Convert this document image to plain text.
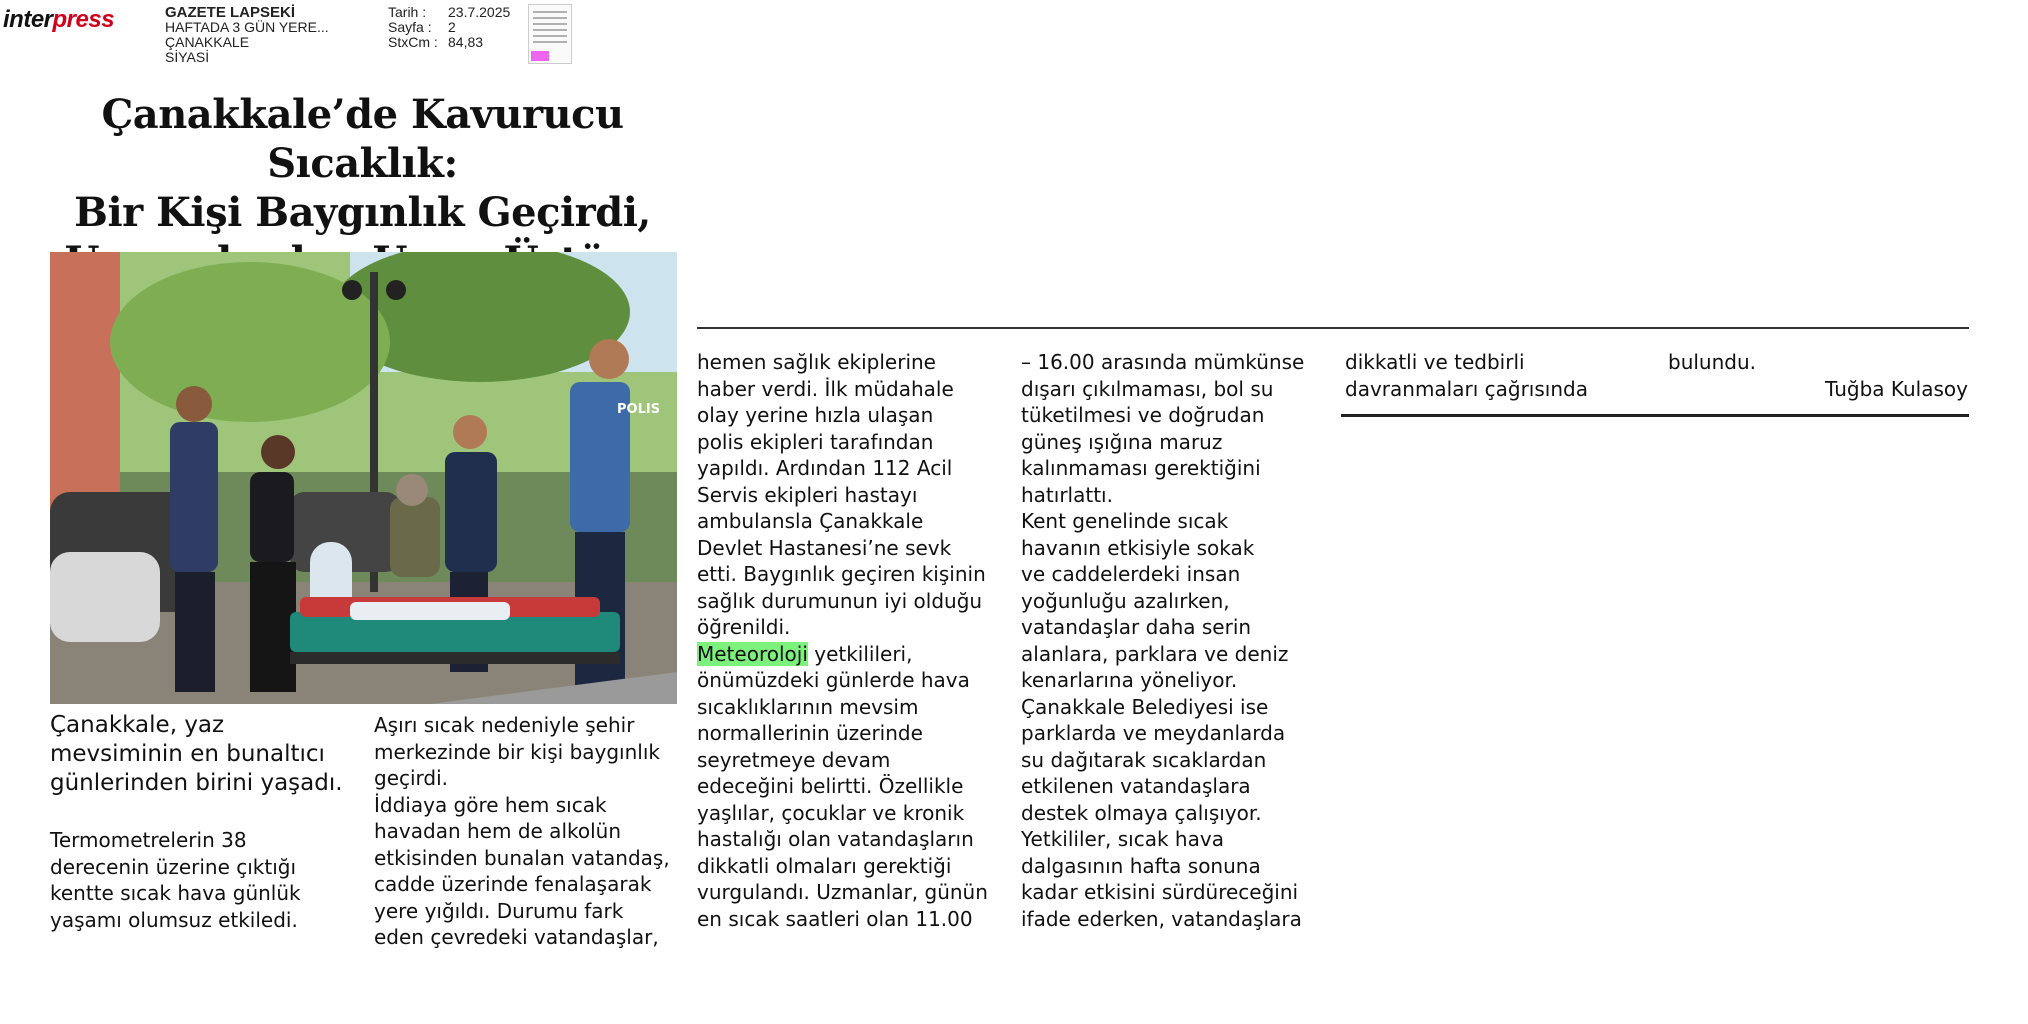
interpress	GAZETE LAPSEKİ
HAFTADA 3 GÜN YERE...
ÇANAKKALE
SİYASİ
Tarih :
Sayfa :
StxCm :
23.7.2025
2
84,83
Çanakkale’de Kavurucu Sıcaklık:
Bir Kişi Baygınlık Geçirdi,
POLIS

Çanakkale, yaz

mevsiminin en bunaltıcı

günlerinden birini yaşadı.

Termometrelerin 38

derecenin üzerine çıktığı

kentte sıcak hava günlük

yaşamı olumsuz etkiledi.

Aşırı sıcak nedeniyle şehir

merkezinde bir kişi baygınlık

geçirdi.

İddiaya göre hem sıcak

havadan hem de alkolün

etkisinden bunalan vatandaş,

cadde üzerinde fenalaşarak

yere yığıldı. Durumu fark

eden çevredeki vatandaşlar,

hemen sağlık ekiplerine

haber verdi. İlk müdahale

olay yerine hızla ulaşan

polis ekipleri tarafından

yapıldı. Ardından 112 Acil

Servis ekipleri hastayı

ambulansla Çanakkale

Devlet Hastanesi’ne sevk

etti. Baygınlık geçiren kişinin

sağlık durumunun iyi olduğu

öğrenildi.

Meteoroloji yetkilileri,

önümüzdeki günlerde hava

sıcaklıklarının mevsim

normallerinin üzerinde

seyretmeye devam

edeceğini belirtti. Özellikle

yaşlılar, çocuklar ve kronik

hastalığı olan vatandaşların

dikkatli olmaları gerektiği

vurgulandı. Uzmanlar, günün

en sıcak saatleri olan 11.00

– 16.00 arasında mümkünse

dışarı çıkılmaması, bol su

tüketilmesi ve doğrudan

güneş ışığına maruz

kalınmaması gerektiğini

hatırlattı.

Kent genelinde sıcak

havanın etkisiyle sokak

ve caddelerdeki insan

yoğunluğu azalırken,

vatandaşlar daha serin

alanlara, parklara ve deniz

kenarlarına yöneliyor.

Çanakkale Belediyesi ise

parklarda ve meydanlarda

su dağıtarak sıcaklardan

etkilenen vatandaşlara

destek olmaya çalışıyor.

Yetkililer, sıcak hava

dalgasının hafta sonuna

kadar etkisini sürdüreceğini

ifade ederken, vatandaşlara

dikkatli ve tedbirli

davranmaları çağrısında

bulundu.

Tuğba Kulasoy
